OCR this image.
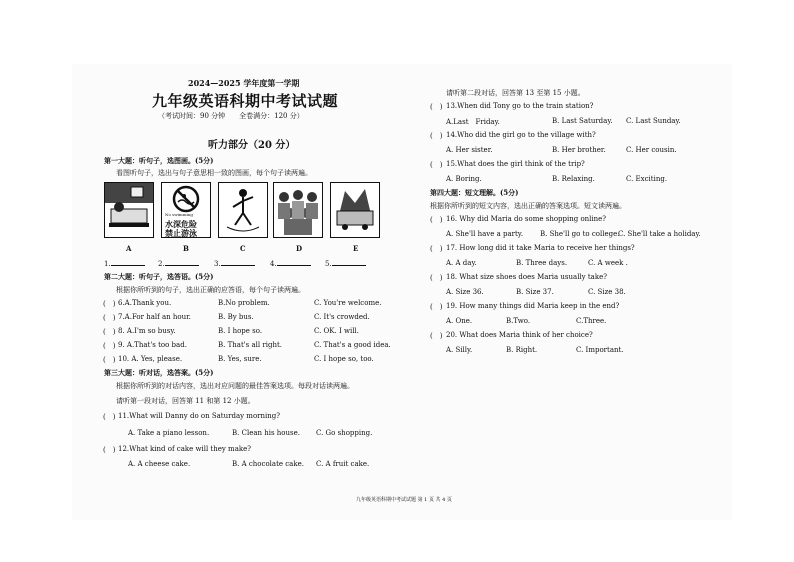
2024—2025 学年度第一学期
九年级英语科期中考试试题
（考试时间：90 分钟　　全卷满分：120 分）
听力部分（20 分）
第一大题：听句子，选图画。(5分)
看图听句子，选出与句子意思相一致的图画，每个句子读两遍。
No swimming
水深危险
禁止游泳
A	B	C	D	E
1.	2.	3.	4.	5.
第二大题：听句子，选答语。(5分)
根据你所听到的句子，选出正确的应答语，每个句子读两遍。
(　) 6.A.Thank you.	B.No problem.	C. You're welcome.
(　) 7.A.For half an hour.	B. By bus.	C. It's crowded.
(　) 8. A.I'm so busy.	B. I hope so.	C. OK. I will.
(　) 9. A.That's too bad.	B. That's all right.	C. That's a good idea.
(　) 10. A. Yes, please.	B. Yes, sure.	C. I hope so, too.
第三大题：听对话，选答案。(5分)
根据你所听到的对话内容，选出对应问题的最佳答案选项。每段对话读两遍。
请听第一段对话，回答第 11 和第 12 小题。
(　) 11.What will Danny do on Saturday morning?
A. Take a piano lesson.	B. Clean his house. C. Go shopping.
(　) 12.What kind of cake will they make?
A. A cheese cake.	B. A chocolate cake. C. A fruit cake.
请听第二段对话，回答第 13 至第 15 小题。
(　) 13.When did Tony go to the train station?
A.Last　Friday.	B. Last Saturday. C. Last Sunday.
(　) 14.Who did the girl go to the village with?
A. Her sister.	B. Her brother.	C. Her cousin.
(　) 15.What does the girl think of the trip?
A. Boring.	B. Relaxing.	C. Exciting.
第四大题：短文理解。(5分)
根据你所听到的短文内容，选出正确的答案选项。短文读两遍。
(　) 16. Why did Maria do some shopping online?
A. She'll have a party. B. She'll go to college.
C. She'll take a holiday.
(　) 17. How long did it take Maria to receive her things?
A. A day.	B. Three days.	C. A week .
(　) 18. What size shoes does Maria usually take?
A. Size 36.	B. Size 37.	C. Size 38.
(　) 19. How many things did Maria keep in the end?
A. One.	B.Two.	C.Three.
(　) 20. What does Maria think of her choice?
A. Silly.	B. Right.	C. Important.
九年级英语科期中考试试题 第 1 页 共 4 页
